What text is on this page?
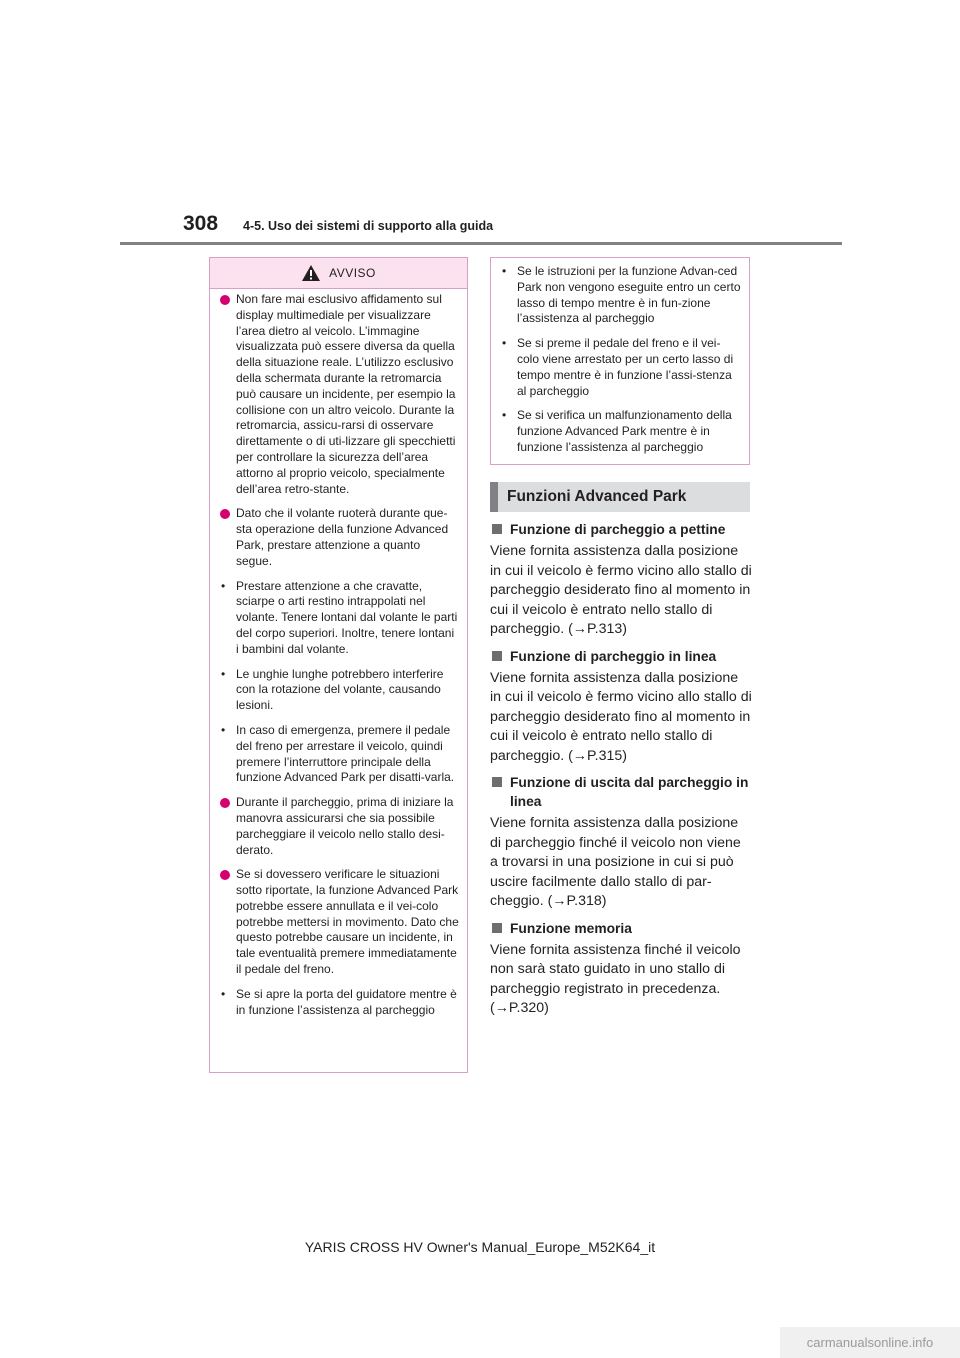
308 4-5. Uso dei sistemi di supporto alla guida
AVVISO
Non fare mai esclusivo affidamento sul display multimediale per visualizzare l’area dietro al veicolo. L’immagine visualizzata può essere diversa da quella della situazione reale. L’utilizzo esclusivo della schermata durante la retromarcia può causare un incidente, per esempio la collisione con un altro veicolo. Durante la retromarcia, assicu-rarsi di osservare direttamente o di uti-lizzare gli specchietti per controllare la sicurezza dell’area attorno al proprio veicolo, specialmente dell’area retro-stante.
Dato che il volante ruoterà durante que-sta operazione della funzione Advanced Park, prestare attenzione a quanto segue.
• Prestare attenzione a che cravatte, sciarpe o arti restino intrappolati nel volante. Tenere lontani dal volante le parti del corpo superiori. Inoltre, tenere lontani i bambini dal volante.
• Le unghie lunghe potrebbero interferire con la rotazione del volante, causando lesioni.
• In caso di emergenza, premere il pedale del freno per arrestare il veicolo, quindi premere l’interruttore principale della funzione Advanced Park per disatti-varla.
Durante il parcheggio, prima di iniziare la manovra assicurarsi che sia possibile parcheggiare il veicolo nello stallo desi-derato.
Se si dovessero verificare le situazioni sotto riportate, la funzione Advanced Park potrebbe essere annullata e il vei-colo potrebbe mettersi in movimento. Dato che questo potrebbe causare un incidente, in tale eventualità premere immediatamente il pedale del freno.
• Se si apre la porta del guidatore mentre è in funzione l’assistenza al parcheggio
• Se le istruzioni per la funzione Advan-ced Park non vengono eseguite entro un certo lasso di tempo mentre è in fun-zione l’assistenza al parcheggio
• Se si preme il pedale del freno e il vei-colo viene arrestato per un certo lasso di tempo mentre è in funzione l’assi-stenza al parcheggio
• Se si verifica un malfunzionamento della funzione Advanced Park mentre è in funzione l’assistenza al parcheggio
Funzioni Advanced Park
Funzione di parcheggio a pettine
Viene fornita assistenza dalla posizione in cui il veicolo è fermo vicino allo stallo di parcheggio desiderato fino al momento in cui il veicolo è entrato nello stallo di parcheggio. (→P.313)
Funzione di parcheggio in linea
Viene fornita assistenza dalla posizione in cui il veicolo è fermo vicino allo stallo di parcheggio desiderato fino al momento in cui il veicolo è entrato nello stallo di parcheggio. (→P.315)
Funzione di uscita dal parcheggio in linea
Viene fornita assistenza dalla posizione di parcheggio finché il veicolo non viene a trovarsi in una posizione in cui si può uscire facilmente dallo stallo di par-cheggio. (→P.318)
Funzione memoria
Viene fornita assistenza finché il veicolo non sarà stato guidato in uno stallo di parcheggio registrato in precedenza. (→P.320)
YARIS CROSS HV Owner's Manual_Europe_M52K64_it
carmanualsonline.info
